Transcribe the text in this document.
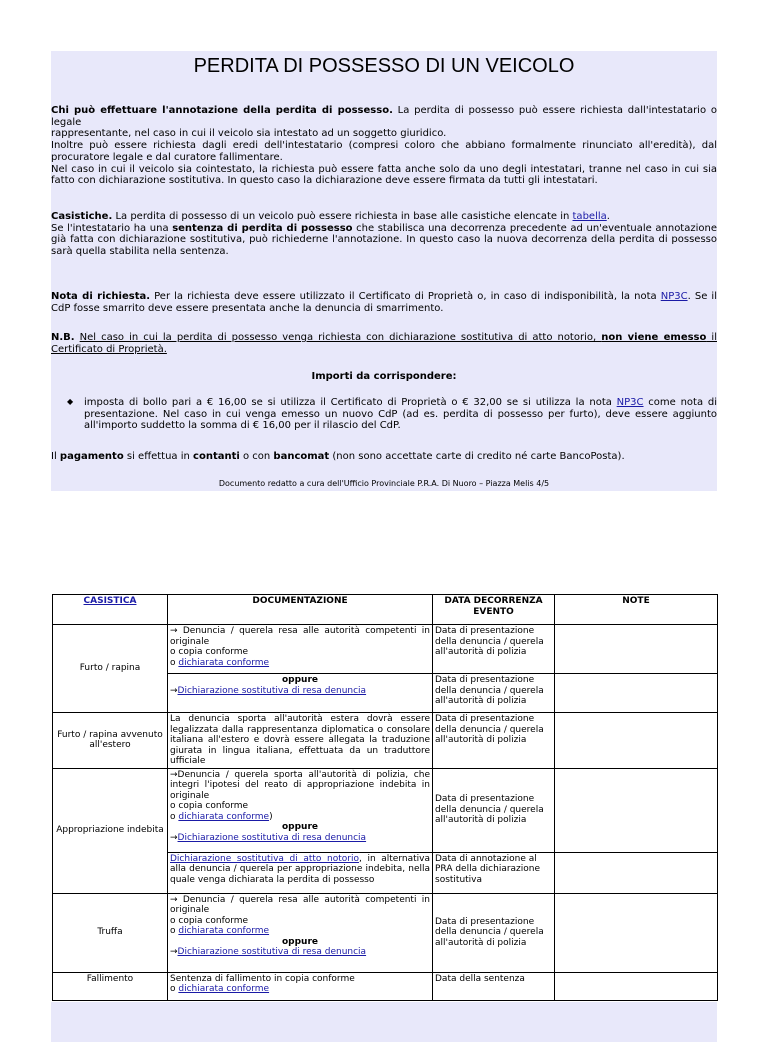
PERDITA DI POSSESSO DI UN VEICOLO
Chi può effettuare l'annotazione della perdita di possesso. La perdita di possesso può essere richiesta dall'intestatario o legale
rappresentante, nel caso in cui il veicolo sia intestato ad un soggetto giuridico.
Inoltre può essere richiesta dagli eredi dell'intestatario (compresi coloro che abbiano formalmente rinunciato all'eredità), dal procuratore legale e dal curatore fallimentare.
Nel caso in cui il veicolo sia cointestato, la richiesta può essere fatta anche solo da uno degli intestatari, tranne nel caso in cui sia fatto con dichiarazione sostitutiva. In questo caso la dichiarazione deve essere firmata da tutti gli intestatari.
Casistiche. La perdita di possesso di un veicolo può essere richiesta in base alle casistiche elencate in tabella.
Se l'intestatario ha una sentenza di perdita di possesso che stabilisca una decorrenza precedente ad un'eventuale annotazione già fatta con dichiarazione sostitutiva, può richiederne l'annotazione. In questo caso la nuova decorrenza della perdita di possesso sarà quella stabilita nella sentenza.
Nota di richiesta. Per la richiesta deve essere utilizzato il Certificato di Proprietà o, in caso di indisponibilità, la nota NP3C. Se il CdP fosse smarrito deve essere presentata anche la denuncia di smarrimento.
N.B. Nel caso in cui la perdita di possesso venga richiesta con dichiarazione sostitutiva di atto notorio, non viene emesso il Certificato di Proprietà.
Importi da corrispondere:
imposta di bollo pari a € 16,00 se si utilizza il Certificato di Proprietà o € 32,00 se si utilizza la nota NP3C come nota di presentazione. Nel caso in cui venga emesso un nuovo CdP (ad es. perdita di possesso per furto), deve essere aggiunto all'importo suddetto la somma di € 16,00 per il rilascio del CdP.
◆
Il pagamento si effettua in contanti o con bancomat (non sono accettate carte di credito né carte BancoPosta).
Documento redatto a cura dell'Ufficio Provinciale P.R.A. Di Nuoro – Piazza Melis 4/5
CASISTICA	DOCUMENTAZIONE	DATA DECORRENZA EVENTO	NOTE
Furto / rapina	→ Denuncia / querela resa alle autorità competenti in originale
o copia conforme
o dichiarata conforme	Data di presentazione della denuncia / querela all'autorità di polizia	

	oppure
→Dichiarazione sostitutiva di resa denuncia	Data di presentazione della denuncia / querela all'autorità di polizia	
Furto / rapina avvenuto all'estero	La denuncia sporta all'autorità estera dovrà essere legalizzata dalla rappresentanza diplomatica o consolare italiana all'estero e dovrà essere allegata la traduzione giurata in lingua italiana, effettuata da un traduttore ufficiale	Data di presentazione della denuncia / querela all'autorità di polizia	
Appropriazione indebita	→Denuncia / querela sporta all'autorità di polizia, che integri l'ipotesi del reato di appropriazione indebita in originale
o copia conforme
o dichiarata conforme)
oppure
→Dichiarazione sostitutiva di resa denuncia	Data di presentazione della denuncia / querela all'autorità di polizia	
	Dichiarazione sostitutiva di atto notorio, in alternativa alla denuncia / querela per appropriazione indebita, nella quale venga dichiarata la perdita di possesso	Data di annotazione al PRA della dichiarazione sostitutiva	
Truffa	→ Denuncia / querela resa alle autorità competenti in originale
o copia conforme
o dichiarata conforme
oppure
→Dichiarazione sostitutiva di resa denuncia	Data di presentazione della denuncia / querela all'autorità di polizia	
Fallimento	Sentenza di fallimento in copia conforme
o dichiarata conforme	Data della sentenza	
